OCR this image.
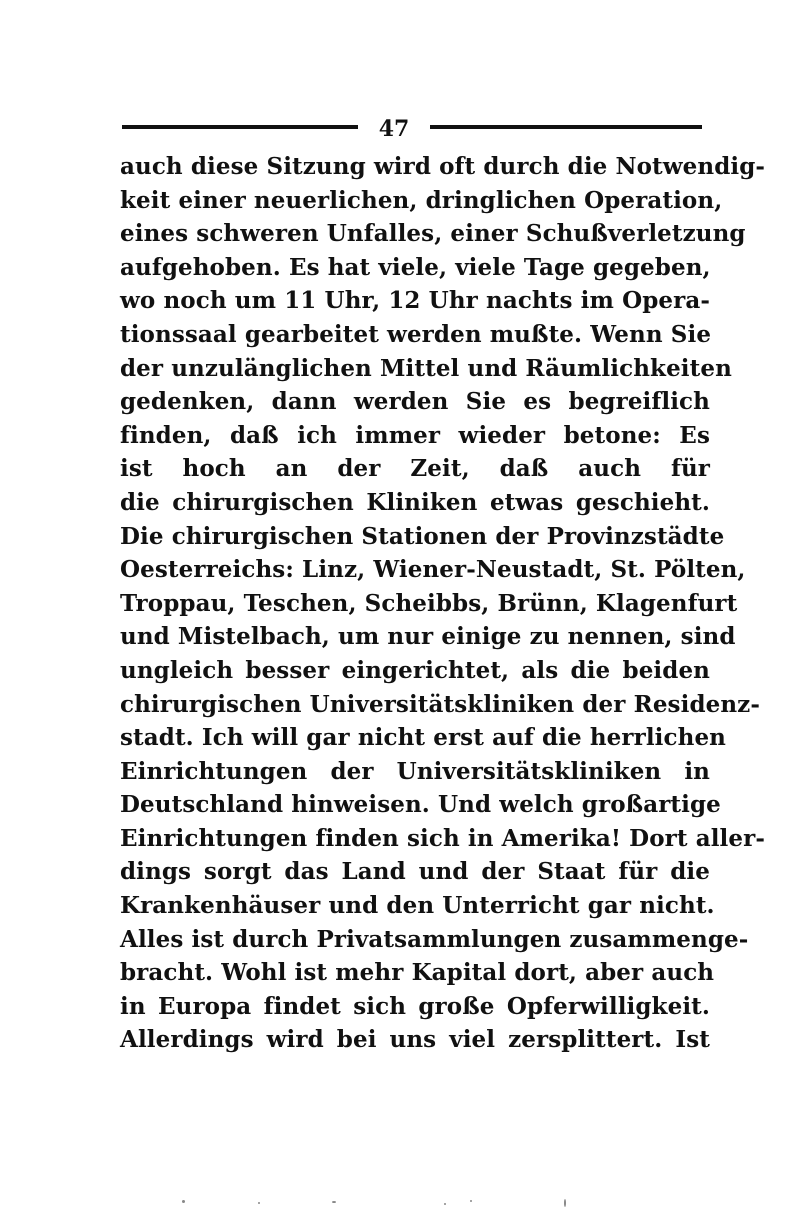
47
auch diese Sitzung wird oft durch die Notwendig-
keit einer neuerlichen, dringlichen Operation,
eines schweren Unfalles, einer Schußverletzung
aufgehoben. Es hat viele, viele Tage gegeben,
wo noch um 11 Uhr, 12 Uhr nachts im Opera-
tionssaal gearbeitet werden mußte. Wenn Sie
der unzulänglichen Mittel und Räumlichkeiten
gedenken, dann werden Sie es begreiflich
finden, daß ich immer wieder betone: Es
ist hoch an der Zeit, daß auch für
die chirurgischen Kliniken etwas geschieht.
Die chirurgischen Stationen der Provinzstädte
Oesterreichs: Linz, Wiener-Neustadt, St. Pölten,
Troppau, Teschen, Scheibbs, Brünn, Klagenfurt
und Mistelbach, um nur einige zu nennen, sind
ungleich besser eingerichtet, als die beiden
chirurgischen Universitätskliniken der Residenz-
stadt. Ich will gar nicht erst auf die herrlichen
Einrichtungen der Universitätskliniken in
Deutschland hinweisen. Und welch großartige
Einrichtungen finden sich in Amerika! Dort aller-
dings sorgt das Land und der Staat für die
Krankenhäuser und den Unterricht gar nicht.
Alles ist durch Privatsammlungen zusammenge-
bracht. Wohl ist mehr Kapital dort, aber auch
in Europa findet sich große Opferwilligkeit.
Allerdings wird bei uns viel zersplittert. Ist
